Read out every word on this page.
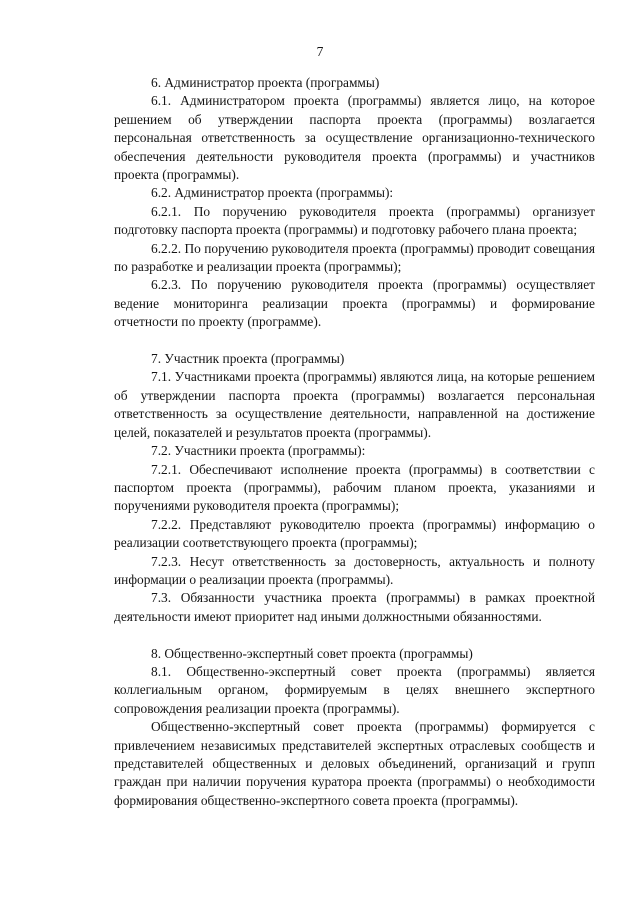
7

6. Администратор проекта (программы)

6.1. Администратором проекта (программы) является лицо, на которое решением об утверждении паспорта проекта (программы) возлагается персональная ответственность за осуществление организационно-технического обеспечения деятельности руководителя проекта (программы) и участников проекта (программы).

6.2. Администратор проекта (программы):

6.2.1. По поручению руководителя проекта (программы) организует подготовку паспорта проекта (программы) и подготовку рабочего плана проекта;

6.2.2. По поручению руководителя проекта (программы) проводит совещания по разработке и реализации проекта (программы);

6.2.3. По поручению руководителя проекта (программы) осуществляет ведение мониторинга реализации проекта (программы) и формирование отчетности по проекту (программе).

7. Участник проекта (программы)

7.1. Участниками проекта (программы) являются лица, на которые решением об утверждении паспорта проекта (программы) возлагается персональная ответственность за осуществление деятельности, направленной на достижение целей, показателей и результатов проекта (программы).

7.2. Участники проекта (программы):

7.2.1. Обеспечивают исполнение проекта (программы) в соответствии с паспортом проекта (программы), рабочим планом проекта, указаниями и поручениями руководителя проекта (программы);

7.2.2. Представляют руководителю проекта (программы) информацию о реализации соответствующего проекта (программы);

7.2.3. Несут ответственность за достоверность, актуальность и полноту информации о реализации проекта (программы).

7.3. Обязанности участника проекта (программы) в рамках проектной деятельности имеют приоритет над иными должностными обязанностями.

8. Общественно-экспертный совет проекта (программы)

8.1. Общественно-экспертный совет проекта (программы) является коллегиальным органом, формируемым в целях внешнего экспертного сопровождения реализации проекта (программы).

Общественно-экспертный совет проекта (программы) формируется с привлечением независимых представителей экспертных отраслевых сообществ и представителей общественных и деловых объединений, организаций и групп граждан при наличии поручения куратора проекта (программы) о необходимости формирования общественно-экспертного совета проекта (программы).
